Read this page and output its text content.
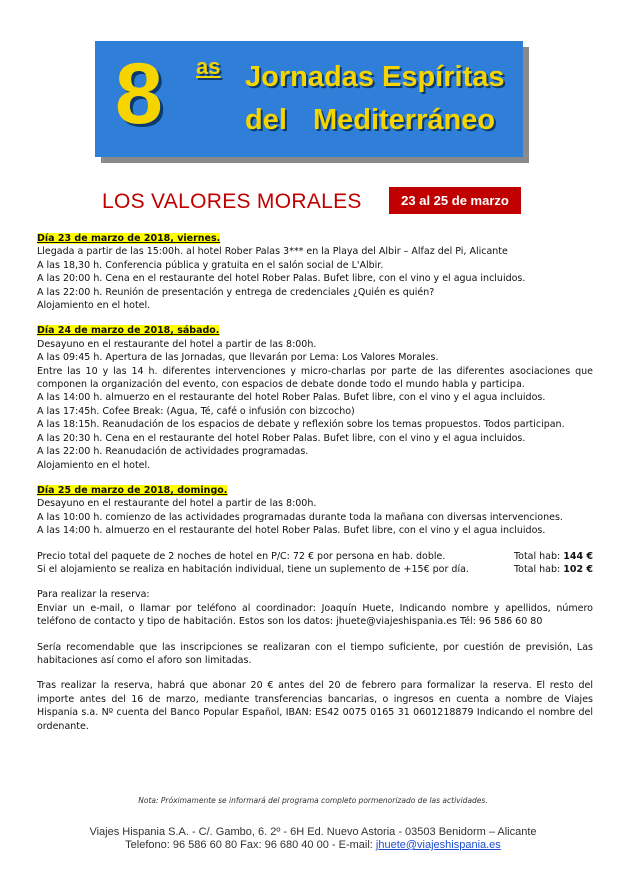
8 as Jornadas Espíritas
del Mediterráneo
LOS VALORES MORALES	23 al 25 de marzo

Día 23 de marzo de 2018, viernes.

Llegada a partir de las 15:00h. al hotel Rober Palas 3*** en la Playa del Albir – Alfaz del Pi, Alicante

A las 18,30 h. Conferencia pública y gratuita en el salón social de L'Albir.

A las 20:00 h. Cena en el restaurante del hotel Rober Palas. Bufet libre, con el vino y el agua incluidos.

A las 22:00 h. Reunión de presentación y entrega de credenciales ¿Quién es quién?

Alojamiento en el hotel.

Día 24 de marzo de 2018, sábado.

Desayuno en el restaurante del hotel a partir de las 8:00h.

A las 09:45 h. Apertura de las Jornadas, que llevarán por Lema: Los Valores Morales.

Entre las 10 y las 14 h. diferentes intervenciones y micro-charlas por parte de las diferentes asociaciones que componen la organización del evento, con espacios de debate donde todo el mundo habla y participa.

A las 14:00 h. almuerzo en el restaurante del hotel Rober Palas. Bufet libre, con el vino y el agua incluidos.

A las 17:45h. Cofee Break: (Agua, Té, café o infusión con bizcocho)

A las 18:15h. Reanudación de los espacios de debate y reflexión sobre los temas propuestos. Todos participan.

A las 20:30 h. Cena en el restaurante del hotel Rober Palas. Bufet libre, con el vino y el agua incluidos.

A las 22:00 h. Reanudación de actividades programadas.

Alojamiento en el hotel.

Día 25 de marzo de 2018, domingo.

Desayuno en el restaurante del hotel a partir de las 8:00h.

A las 10:00 h. comienzo de las actividades programadas durante toda la mañana con diversas intervenciones.

A las 14:00 h. almuerzo en el restaurante del hotel Rober Palas. Bufet libre, con el vino y el agua incluidos.

Precio total del paquete de 2 noches de hotel en P/C: 72 € por persona en hab. doble.	Total hab: 144 €
Si el alojamiento se realiza en habitación individual, tiene un suplemento de +15€ por día.	Total hab: 102 €

Para realizar la reserva:

Enviar un e-mail, o llamar por teléfono al coordinador: Joaquín Huete, Indicando nombre y apellidos, número teléfono de contacto y tipo de habitación. Estos son los datos: jhuete@viajeshispania.es Tél: 96 586 60 80

Sería recomendable que las inscripciones se realizaran con el tiempo suficiente, por cuestión de previsión, Las habitaciones así como el aforo son limitadas.

Tras realizar la reserva, habrá que abonar 20 € antes del 20 de febrero para formalizar la reserva. El resto del importe antes del 16 de marzo, mediante transferencias bancarias, o ingresos en cuenta a nombre de Viajes Hispania s.a. Nº cuenta del Banco Popular Español, IBAN: ES42 0075 0165 31 0601218879 Indicando el nombre del ordenante.

Nota: Próximamente se informará del programa completo pormenorizado de las actividades.
Viajes Hispania S.A. - C/. Gambo, 6. 2º - 6H Ed. Nuevo Astoria - 03503 Benidorm – Alicante
Telefono: 96 586 60 80 Fax: 96 680 40 00 - E-mail: jhuete@viajeshispania.es
